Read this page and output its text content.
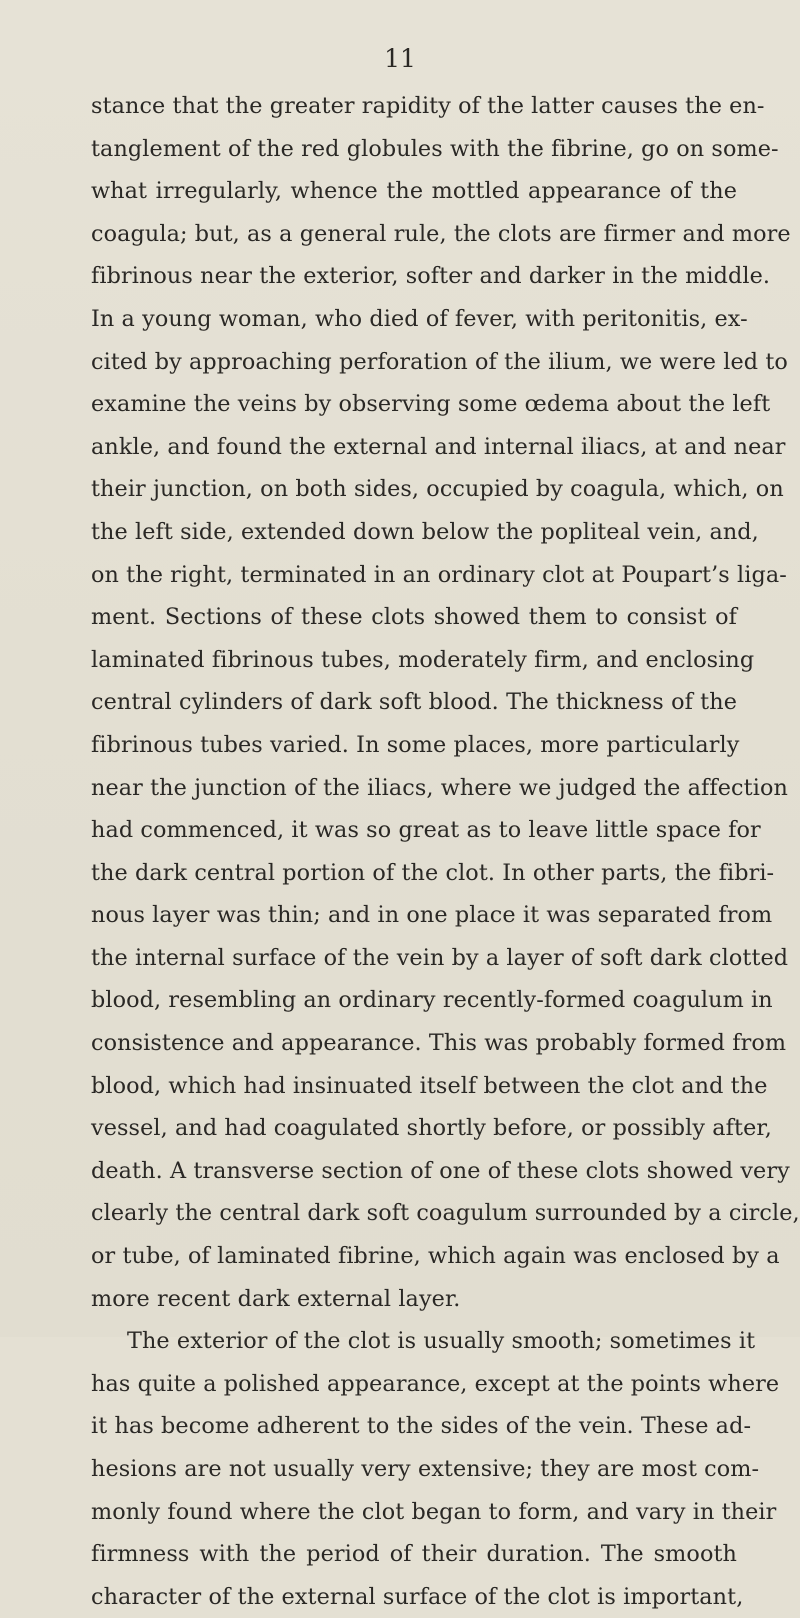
11
stance that the greater rapidity of the latter causes the en-
tanglement of the red globules with the fibrine, go on some-
what irregularly, whence the mottled appearance of the
coagula; but, as a general rule, the clots are firmer and more
fibrinous near the exterior, softer and darker in the middle.
In a young woman, who died of fever, with peritonitis, ex-
cited by approaching perforation of the ilium, we were led to
examine the veins by observing some œdema about the left
ankle, and found the external and internal iliacs, at and near
their junction, on both sides, occupied by coagula, which, on
the left side, extended down below the popliteal vein, and,
on the right, terminated in an ordinary clot at Poupart’s liga-
ment. Sections of these clots showed them to consist of
laminated fibrinous tubes, moderately firm, and enclosing
central cylinders of dark soft blood. The thickness of the
fibrinous tubes varied. In some places, more particularly
near the junction of the iliacs, where we judged the affection
had commenced, it was so great as to leave little space for
the dark central portion of the clot. In other parts, the fibri-
nous layer was thin; and in one place it was separated from
the internal surface of the vein by a layer of soft dark clotted
blood, resembling an ordinary recently-formed coagulum in
consistence and appearance. This was probably formed from
blood, which had insinuated itself between the clot and the
vessel, and had coagulated shortly before, or possibly after,
death. A transverse section of one of these clots showed very
clearly the central dark soft coagulum surrounded by a circle,
or tube, of laminated fibrine, which again was enclosed by a
more recent dark external layer.
The exterior of the clot is usually smooth; sometimes it
has quite a polished appearance, except at the points where
it has become adherent to the sides of the vein. These ad-
hesions are not usually very extensive; they are most com-
monly found where the clot began to form, and vary in their
firmness with the period of their duration. The smooth
character of the external surface of the clot is important,
